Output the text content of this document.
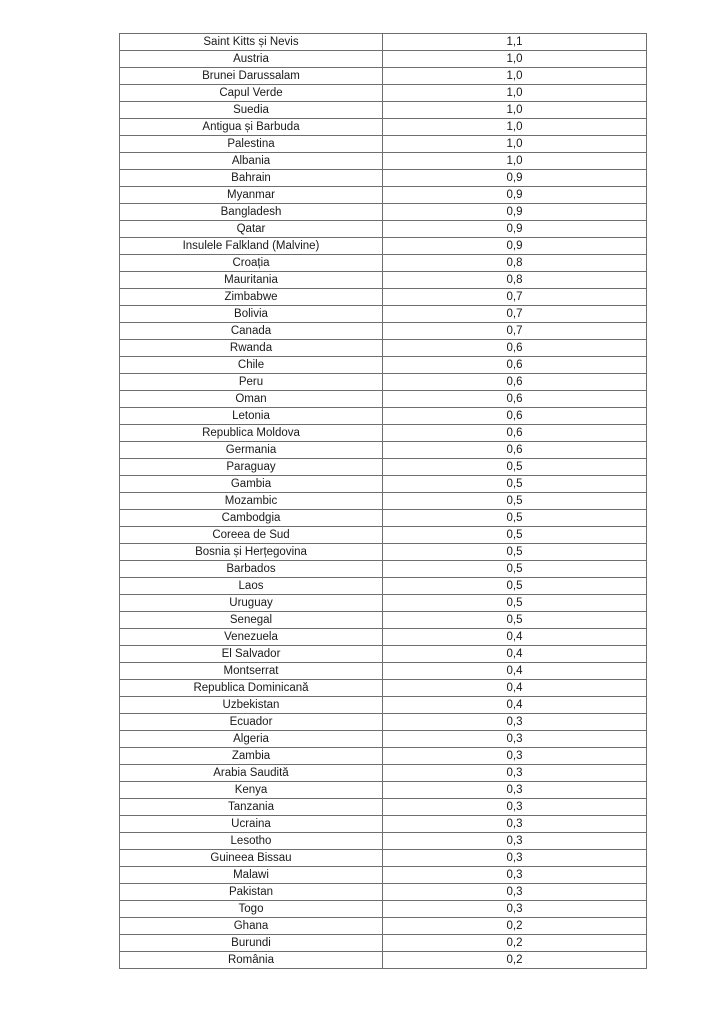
Saint Kitts și Nevis	1,1
Austria	1,0
Brunei Darussalam	1,0
Capul Verde	1,0
Suedia	1,0
Antigua și Barbuda	1,0
Palestina	1,0
Albania	1,0
Bahrain	0,9
Myanmar	0,9
Bangladesh	0,9
Qatar	0,9
Insulele Falkland (Malvine)	0,9
Croația	0,8
Mauritania	0,8
Zimbabwe	0,7
Bolivia	0,7
Canada	0,7
Rwanda	0,6
Chile	0,6
Peru	0,6
Oman	0,6
Letonia	0,6
Republica Moldova	0,6
Germania	0,6
Paraguay	0,5
Gambia	0,5
Mozambic	0,5
Cambodgia	0,5
Coreea de Sud	0,5
Bosnia și Herțegovina	0,5
Barbados	0,5
Laos	0,5
Uruguay	0,5
Senegal	0,5
Venezuela	0,4
El Salvador	0,4
Montserrat	0,4
Republica Dominicană	0,4
Uzbekistan	0,4
Ecuador	0,3
Algeria	0,3
Zambia	0,3
Arabia Saudită	0,3
Kenya	0,3
Tanzania	0,3
Ucraina	0,3
Lesotho	0,3
Guineea Bissau	0,3
Malawi	0,3
Pakistan	0,3
Togo	0,3
Ghana	0,2
Burundi	0,2
România	0,2
